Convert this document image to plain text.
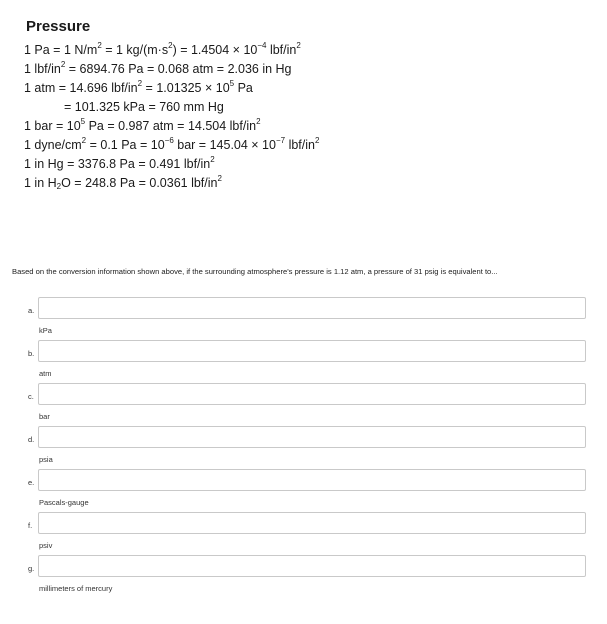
Pressure
1 Pa = 1 $N/m^2 = 1$ $kg/(m\cdot s^2) = 1.4504 \times 10^{-4}$ lbf/$in^2$
1 lbf/$in^2 = 6894.76$ Pa = 0.068 atm = 2.036 in Hg
1 atm = 14.696 lbf/$in^2 = 1.01325 \times 10^5$ Pa
= 101.325 kPa = 760 mm Hg
1 bar = $10^5$ Pa = 0.987 atm = 14.504 lbf/$in^2$
1 dyne/$cm^2 = 0.1$ $Pa = 10^{-6}$ bar = $145.04 \times 10^{-7}$ lbf/$in^2$
1 in Hg = 3376.8 Pa = 0.491 lbf/$in^2$
1 in $H_2O = 248.8$ Pa = 0.0361 lbf/$in^2$
Based on the conversion information shown above, if the surrounding atmosphere's pressure is 1.12 atm, a pressure of 31 psig is equivalent to...
a.
kPa
b.
atm
c.
bar
d.
psia
e.
Pascals-gauge
f.
psiv
g.
millimeters of mercury
